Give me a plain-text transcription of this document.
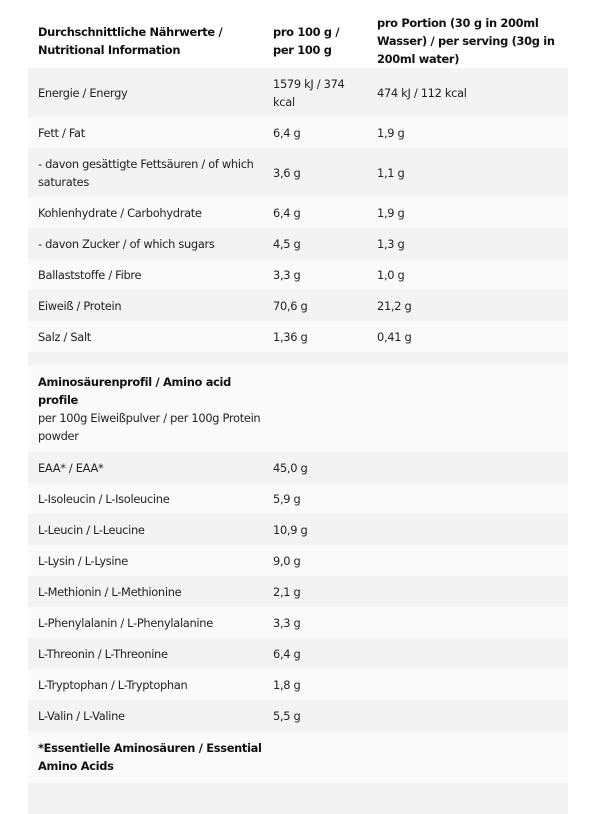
Durchschnittliche Nährwerte / Nutritional Information	pro 100 g / per 100 g	pro Portion (30 g in 200ml Wasser) / per serving (30g in 200ml water)
Energie / Energy	1579 kJ / 374 kcal	474 kJ / 112 kcal
Fett / Fat	6,4 g	1,9 g
- davon gesättigte Fettsäuren / of which saturates	3,6 g	1,1 g
Kohlenhydrate / Carbohydrate	6,4 g	1,9 g
- davon Zucker / of which sugars	4,5 g	1,3 g
Ballaststoffe / Fibre	3,3 g	1,0 g
Eiweiß / Protein	70,6 g	21,2 g
Salz / Salt	1,36 g	0,41 g

Aminosäurenprofil / Amino acid profile
per 100g Eiweißpulver / per 100g Protein powder		

EAA* / EAA*	45,0 g	
L-Isoleucin / L-Isoleucine	5,9 g	
L-Leucin / L-Leucine	10,9 g	
L-Lysin / L-Lysine	9,0 g	
L-Methionin / L-Methionine	2,1 g	
L-Phenylalanin / L-Phenylalanine	3,3 g	
L-Threonin / L-Threonine	6,4 g	
L-Tryptophan / L-Tryptophan	1,8 g	
L-Valin / L-Valine	5,5 g	
*Essentielle Aminosäuren / Essential Amino Acids		
